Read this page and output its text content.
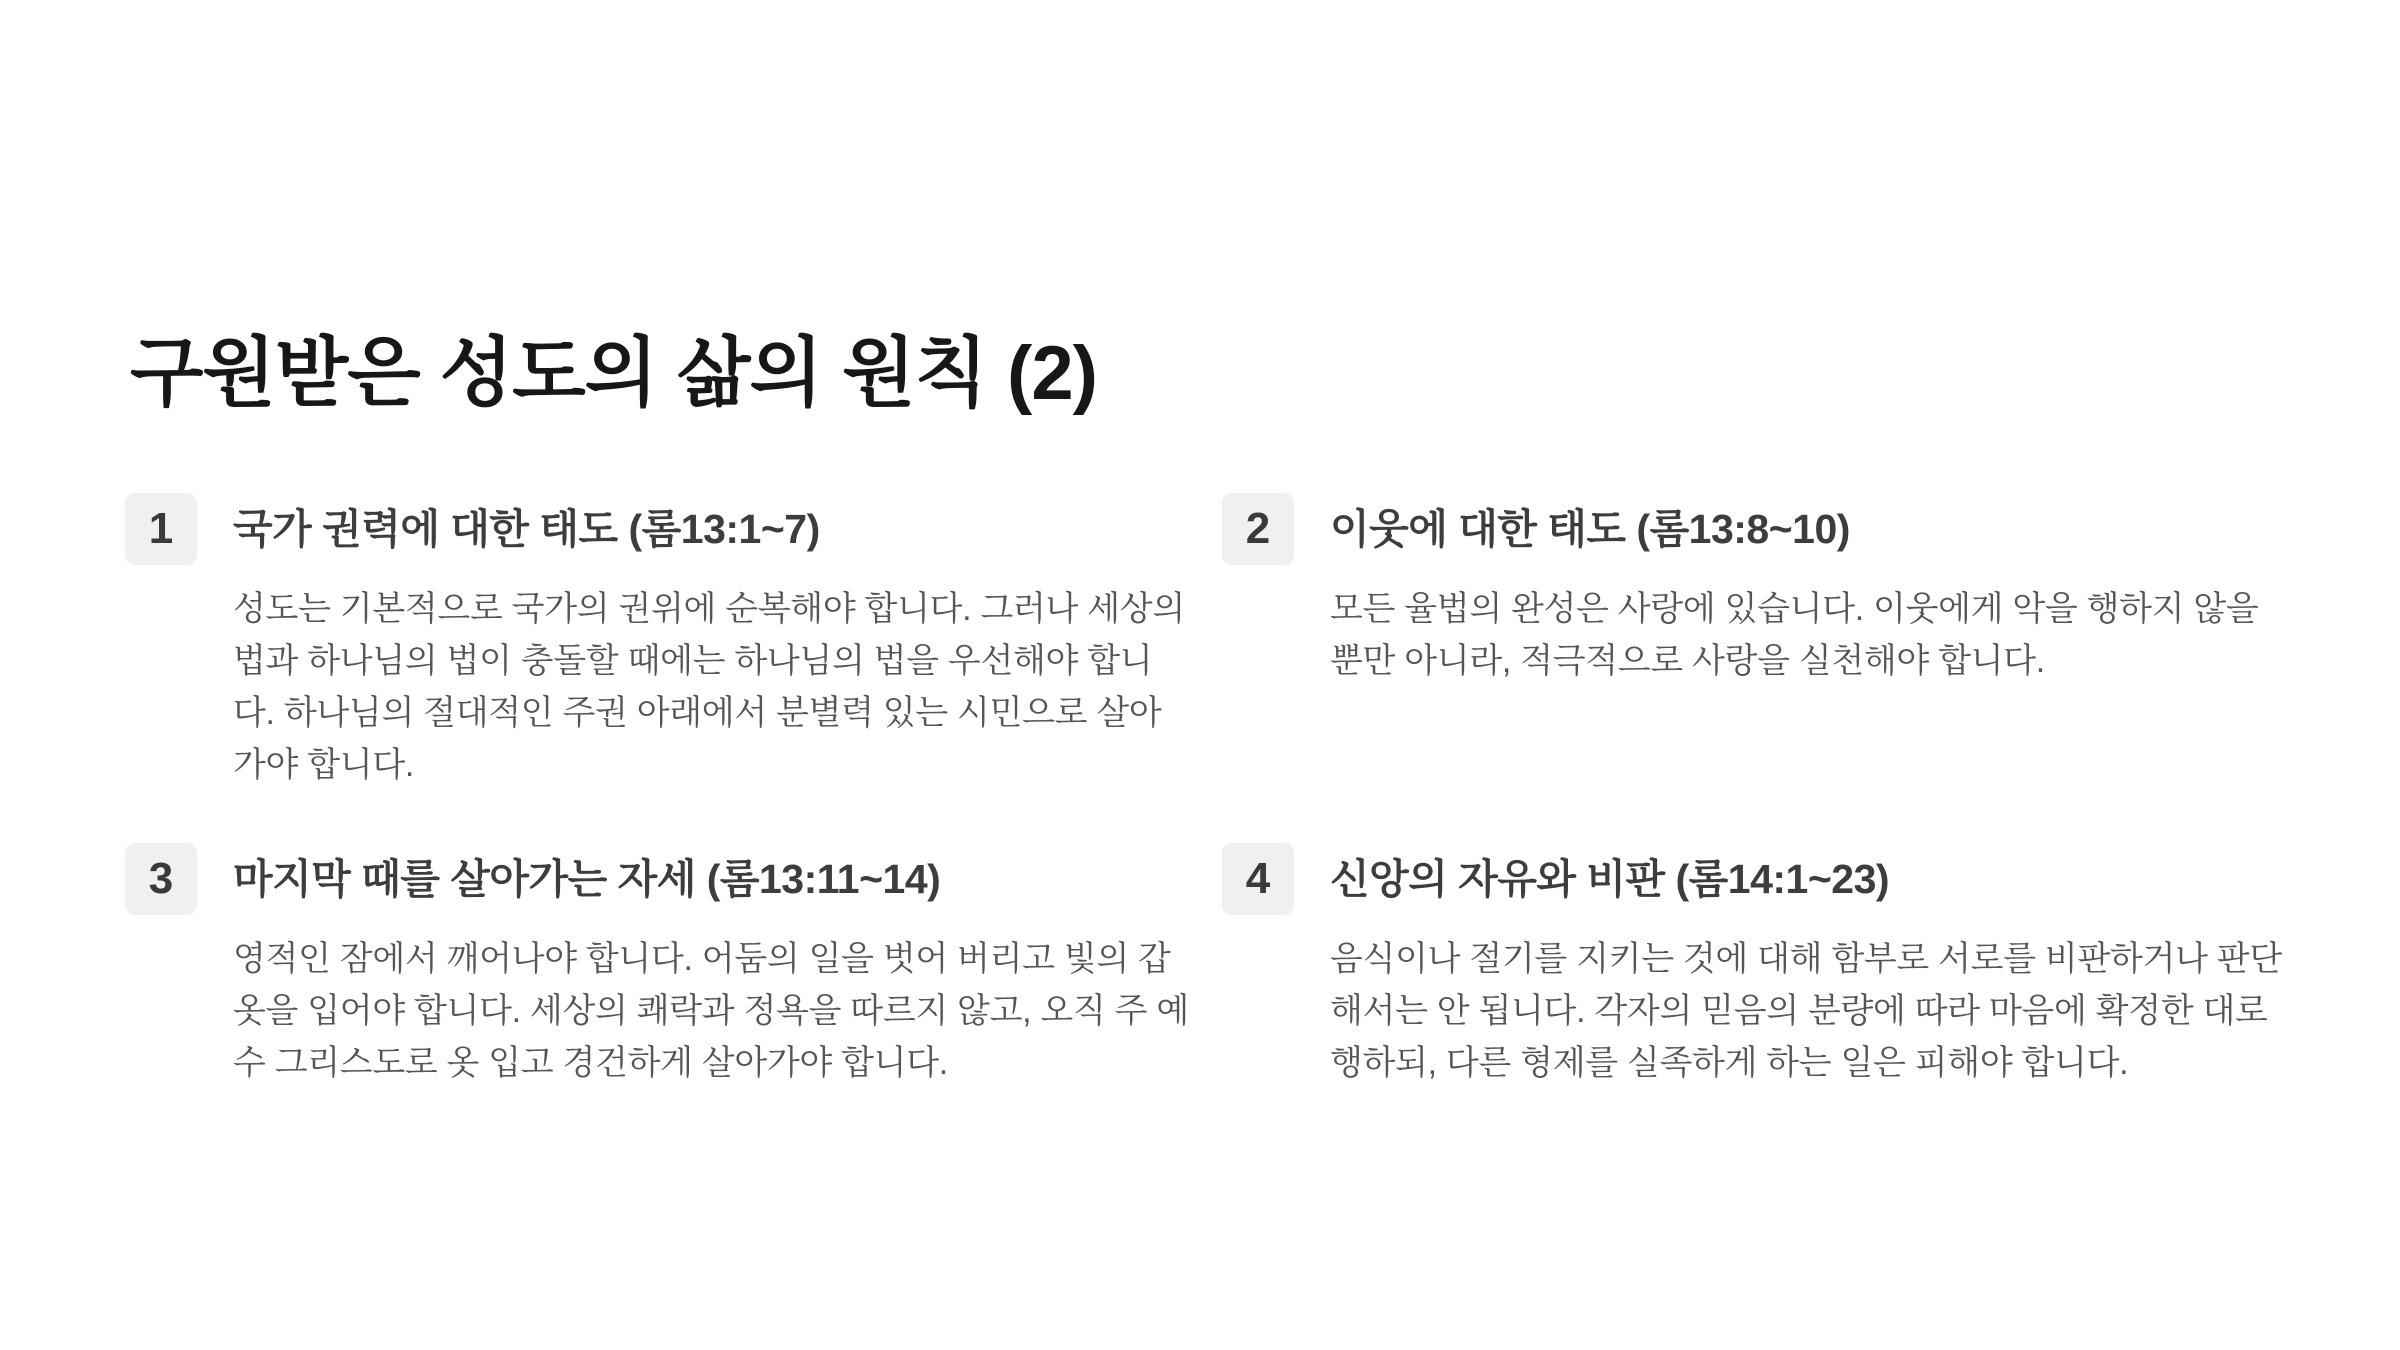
구원받은 성도의 삶의 원칙 (2)
1	국가 권력에 대한 태도 (롬13:1~7)

성도는 기본적으로 국가의 권위에 순복해야 합니다. 그러나 세상의 법과 하나님의 법이 충돌할 때에는 하나님의 법을 우선해야 합니다. 하나님의 절대적인 주권 아래에서 분별력 있는 시민으로 살아가야 합니다.

2	이웃에 대한 태도 (롬13:8~10)

모든 율법의 완성은 사랑에 있습니다. 이웃에게 악을 행하지 않을 뿐만 아니라, 적극적으로 사랑을 실천해야 합니다.

3	마지막 때를 살아가는 자세 (롬13:11~14)

영적인 잠에서 깨어나야 합니다. 어둠의 일을 벗어 버리고 빛의 갑옷을 입어야 합니다. 세상의 쾌락과 정욕을 따르지 않고, 오직 주 예수 그리스도로 옷 입고 경건하게 살아가야 합니다.

4	신앙의 자유와 비판 (롬14:1~23)

음식이나 절기를 지키는 것에 대해 함부로 서로를 비판하거나 판단해서는 안 됩니다. 각자의 믿음의 분량에 따라 마음에 확정한 대로 행하되, 다른 형제를 실족하게 하는 일은 피해야 합니다.
